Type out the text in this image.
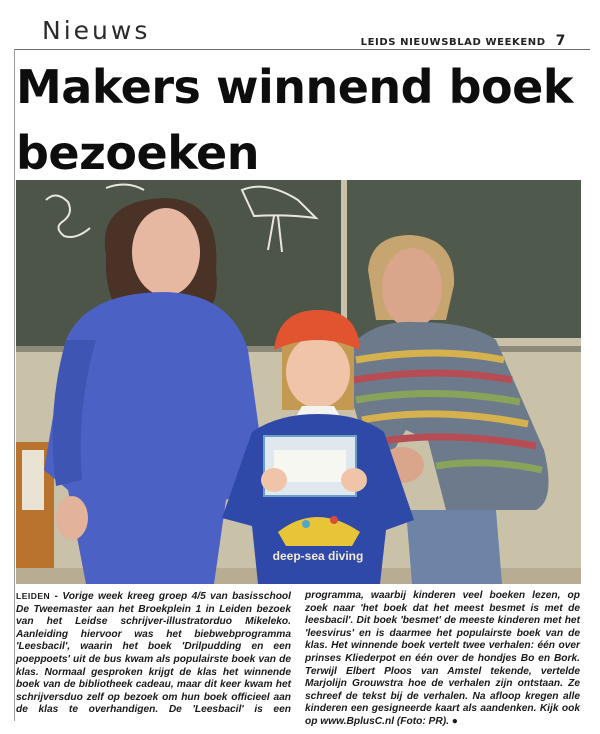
Nieuws	LEIDS NIEUWSBLAD WEEKEND 7
Makers winnend boek
bezoeken
deep-sea diving

LEIDEN - Vorige week kreeg groep 4/5 van basisschool De Tweemaster aan het Broekplein 1 in Leiden bezoek van het Leidse schrijver-illustratorduo Mikeleko. Aanleiding hiervoor was het biebwebprogramma 'Leesbacil', waarin het boek 'Drilpudding en een poeppoets' uit de bus kwam als populairste boek van de klas. Normaal gesproken krijgt de klas het winnende boek van de bibliotheek cadeau, maar dit keer kwam het schrijversduo zelf op bezoek om hun boek officieel aan de klas te overhandigen. De 'Leesbacil' is een programma, waarbij kinderen veel boeken lezen, op zoek naar 'het boek dat het meest besmet is met de leesbacil'. Dit boek 'besmet' de meeste kinderen met het 'leesvirus' en is daarmee het populairste boek van de klas. Het winnende boek vertelt twee verhalen: één over prinses Kliederpot en één over de hondjes Bo en Bork. Terwijl Elbert Ploos van Amstel tekende, vertelde Marjolijn Grouwstra hoe de verhalen zijn ontstaan. Ze schreef de tekst bij de verhalen. Na afloop kregen alle kinderen een gesigneerde kaart als aandenken. Kijk ook op www.BplusC.nl (Foto: PR). ●
